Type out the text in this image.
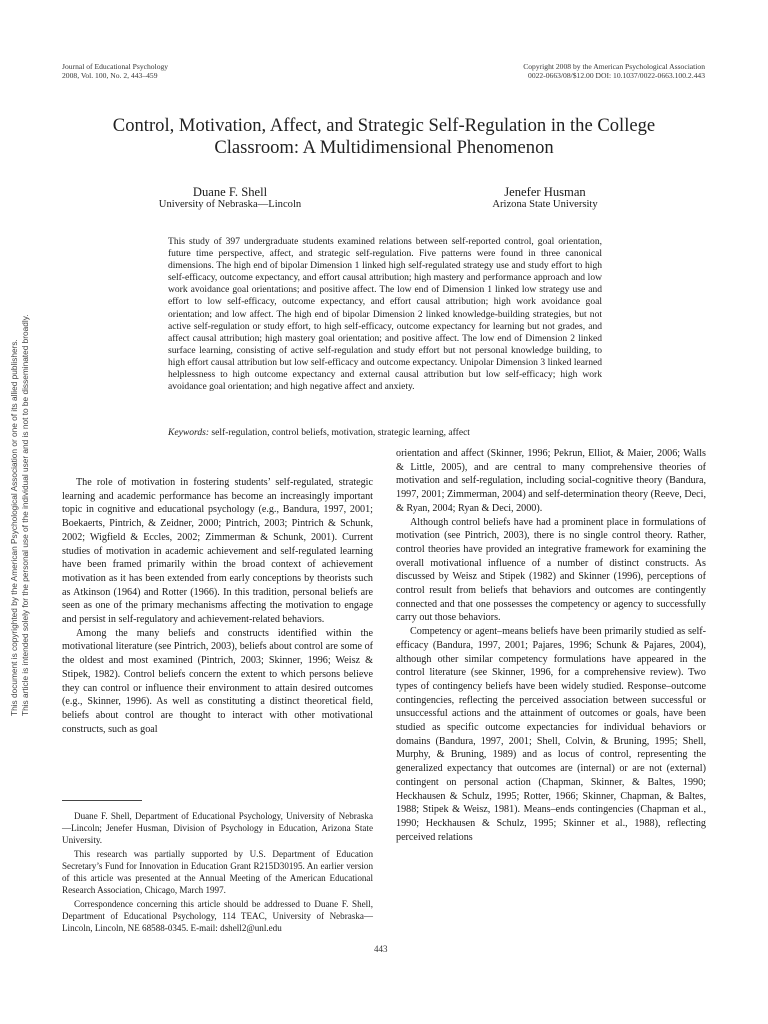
Journal of Educational Psychology
2008, Vol. 100, No. 2, 443–459
Copyright 2008 by the American Psychological Association
0022-0663/08/$12.00 DOI: 10.1037/0022-0663.100.2.443
Control, Motivation, Affect, and Strategic Self-Regulation in the College
Classroom: A Multidimensional Phenomenon
Duane F. Shell
University of Nebraska—Lincoln
Jenefer Husman
Arizona State University
This study of 397 undergraduate students examined relations between self-reported control, goal orientation, future time perspective, affect, and strategic self-regulation. Five patterns were found in three canonical dimensions. The high end of bipolar Dimension 1 linked high self-regulated strategy use and study effort to high self-efficacy, outcome expectancy, and effort causal attribution; high mastery and performance approach and low work avoidance goal orientations; and positive affect. The low end of Dimension 1 linked low strategy use and effort to low self-efficacy, outcome expectancy, and effort causal attribution; high work avoidance goal orientation; and low affect. The high end of bipolar Dimension 2 linked knowledge-building strategies, but not active self-regulation or study effort, to high self-efficacy, outcome expectancy for learning but not grades, and affect causal attribution; high mastery goal orientation; and positive affect. The low end of Dimension 2 linked surface learning, consisting of active self-regulation and study effort but not personal knowledge building, to high effort causal attribution but low self-efficacy and outcome expectancy. Unipolar Dimension 3 linked learned helplessness to high outcome expectancy and external causal attribution but low self-efficacy; high work avoidance goal orientation; and high negative affect and anxiety.
Keywords: self-regulation, control beliefs, motivation, strategic learning, affect

The role of motivation in fostering students’ self-regulated, strategic learning and academic performance has become an increasingly important topic in cognitive and educational psychology (e.g., Bandura, 1997, 2001; Boekaerts, Pintrich, & Zeidner, 2000; Pintrich, 2003; Pintrich & Schunk, 2002; Wigfield & Eccles, 2002; Zimmerman & Schunk, 2001). Current studies of motivation in academic achievement and self-regulated learning have been framed primarily within the broad context of achievement motivation as it has been extended from early conceptions by theorists such as Atkinson (1964) and Rotter (1966). In this tradition, personal beliefs are seen as one of the primary mechanisms affecting the motivation to engage and persist in self-regulatory and achievement-related behaviors.

Among the many beliefs and constructs identified within the motivational literature (see Pintrich, 2003), beliefs about control are some of the oldest and most examined (Pintrich, 2003; Skinner, 1996; Weisz & Stipek, 1982). Control beliefs concern the extent to which persons believe they can control or influence their environment to attain desired outcomes (e.g., Skinner, 1996). As well as constituting a distinct theoretical field, beliefs about control are thought to interact with other motivational constructs, such as goal

Duane F. Shell, Department of Educational Psychology, University of Nebraska—Lincoln; Jenefer Husman, Division of Psychology in Education, Arizona State University.

This research was partially supported by U.S. Department of Education Secretary’s Fund for Innovation in Education Grant R215D30195. An earlier version of this article was presented at the Annual Meeting of the American Educational Research Association, Chicago, March 1997.

Correspondence concerning this article should be addressed to Duane F. Shell, Department of Educational Psychology, 114 TEAC, University of Nebraska—Lincoln, Lincoln, NE 68588-0345. E-mail: dshell2@unl.edu

orientation and affect (Skinner, 1996; Pekrun, Elliot, & Maier, 2006; Walls & Little, 2005), and are central to many comprehensive theories of motivation and self-regulation, including social-cognitive theory (Bandura, 1997, 2001; Zimmerman, 2004) and self-determination theory (Reeve, Deci, & Ryan, 2004; Ryan & Deci, 2000).

Although control beliefs have had a prominent place in formulations of motivation (see Pintrich, 2003), there is no single control theory. Rather, control theories have provided an integrative framework for examining the overall motivational influence of a number of distinct constructs. As discussed by Weisz and Stipek (1982) and Skinner (1996), perceptions of control result from beliefs that behaviors and outcomes are contingently connected and that one possesses the competency or agency to successfully carry out those behaviors.

Competency or agent–means beliefs have been primarily studied as self-efficacy (Bandura, 1997, 2001; Pajares, 1996; Schunk & Pajares, 2004), although other similar competency formulations have appeared in the control literature (see Skinner, 1996, for a comprehensive review). Two types of contingency beliefs have been widely studied. Response–outcome contingencies, reflecting the perceived association between successful or unsuccessful actions and the attainment of outcomes or goals, have been studied as specific outcome expectancies for individual behaviors or domains (Bandura, 1997, 2001; Shell, Colvin, & Bruning, 1995; Shell, Murphy, & Bruning, 1989) and as locus of control, representing the generalized expectancy that outcomes are (internal) or are not (external) contingent on personal action (Chapman, Skinner, & Baltes, 1990; Heckhausen & Schulz, 1995; Rotter, 1966; Skinner, Chapman, & Baltes, 1988; Stipek & Weisz, 1981). Means–ends contingencies (Chapman et al., 1990; Heckhausen & Schulz, 1995; Skinner et al., 1988), reflecting perceived relations

443
This document is copyrighted by the American Psychological Association or one of its allied publishers. This article is intended solely for the personal use of the individual user and is not to be disseminated broadly.
